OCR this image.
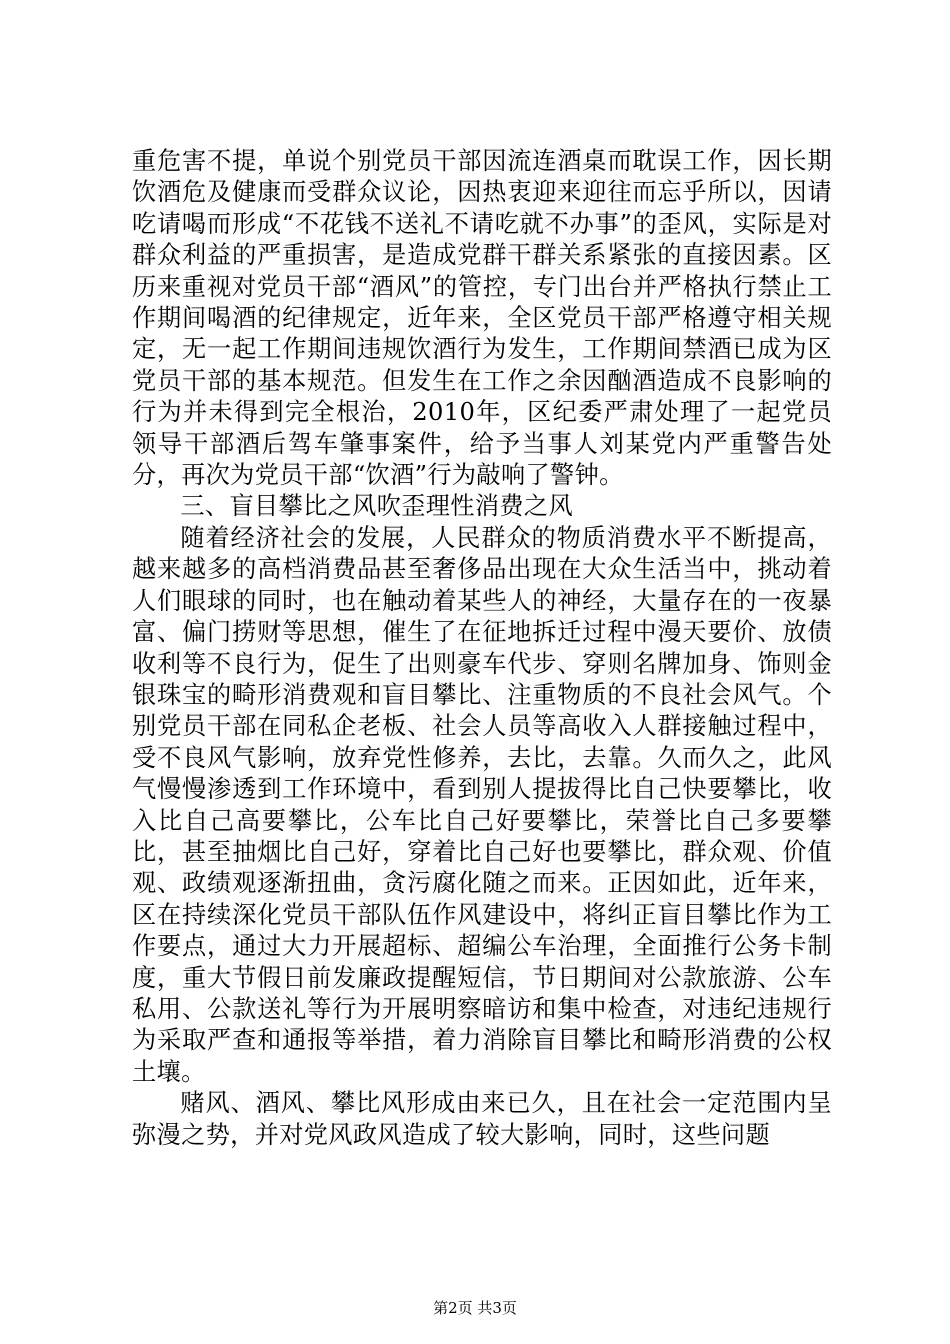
重危害不提，单说个别党员干部因流连酒桌而耽误工作，因长期饮酒危及健康而受群众议论，因热衷迎来迎往而忘乎所以，因请吃请喝而形成“不花钱不送礼不请吃就不办事”的歪风，实际是对群众利益的严重损害，是造成党群干群关系紧张的直接因素。区历来重视对党员干部“酒风”的管控，专门出台并严格执行禁止工作期间喝酒的纪律规定，近年来，全区党员干部严格遵守相关规定，无一起工作期间违规饮酒行为发生，工作期间禁酒已成为区党员干部的基本规范。但发生在工作之余因酗酒造成不良影响的行为并未得到完全根治，2010年，区纪委严肃处理了一起党员领导干部酒后驾车肇事案件，给予当事人刘某党内严重警告处分，再次为党员干部“饮酒”行为敲响了警钟。

三、盲目攀比之风吹歪理性消费之风

随着经济社会的发展，人民群众的物质消费水平不断提高，越来越多的高档消费品甚至奢侈品出现在大众生活当中，挑动着人们眼球的同时，也在触动着某些人的神经，大量存在的一夜暴富、偏门捞财等思想，催生了在征地拆迁过程中漫天要价、放债收利等不良行为，促生了出则豪车代步、穿则名牌加身、饰则金银珠宝的畸形消费观和盲目攀比、注重物质的不良社会风气。个别党员干部在同私企老板、社会人员等高收入人群接触过程中，受不良风气影响，放弃党性修养，去比，去靠。久而久之，此风气慢慢渗透到工作环境中，看到别人提拔得比自己快要攀比，收入比自己高要攀比，公车比自己好要攀比，荣誉比自己多要攀比，甚至抽烟比自己好，穿着比自己好也要攀比，群众观、价值观、政绩观逐渐扭曲，贪污腐化随之而来。正因如此，近年来，区在持续深化党员干部队伍作风建设中，将纠正盲目攀比作为工作要点，通过大力开展超标、超编公车治理，全面推行公务卡制度，重大节假日前发廉政提醒短信，节日期间对公款旅游、公车私用、公款送礼等行为开展明察暗访和集中检查，对违纪违规行为采取严查和通报等举措，着力消除盲目攀比和畸形消费的公权土壤。

赌风、酒风、攀比风形成由来已久，且在社会一定范围内呈弥漫之势，并对党风政风造成了较大影响，同时，这些问题

第2页 共3页
